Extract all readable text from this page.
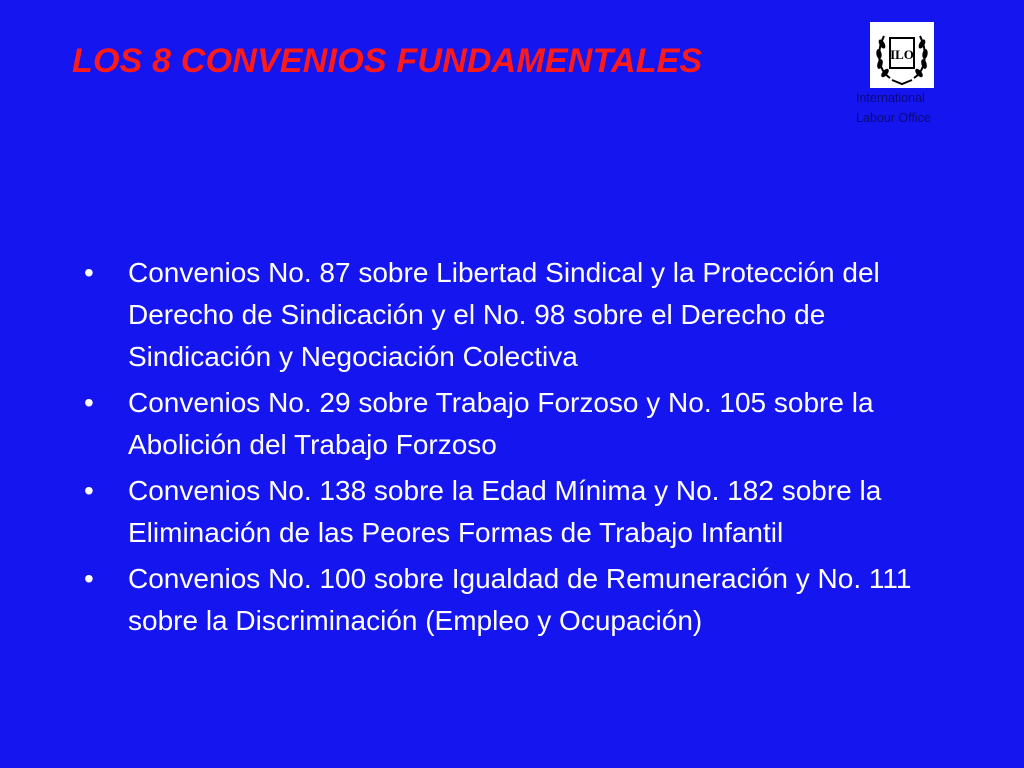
LOS 8 CONVENIOS FUNDAMENTALES	ILO
International
Labour Office
•	Convenios No. 87 sobre Libertad Sindical y la Protección del Derecho de Sindicación y el No. 98 sobre el Derecho de Sindicación y Negociación Colectiva
•	Convenios No. 29 sobre Trabajo Forzoso y No. 105 sobre la Abolición del Trabajo Forzoso
•	Convenios No. 138 sobre la Edad Mínima y No. 182 sobre la Eliminación de las Peores Formas de Trabajo Infantil
•	Convenios No. 100 sobre Igualdad de Remuneración y No. 111 sobre la Discriminación (Empleo y Ocupación)
